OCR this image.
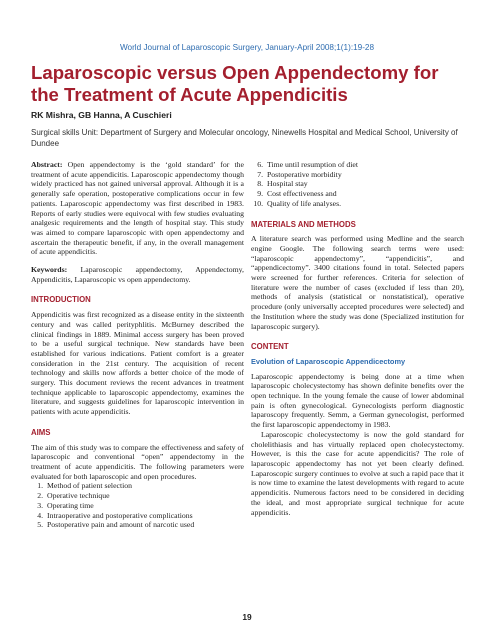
World Journal of Laparoscopic Surgery, January-April 2008;1(1):19-28
Laparoscopic versus Open Appendectomy for the Treatment of Acute Appendicitis
RK Mishra, GB Hanna, A Cuschieri
Surgical skills Unit: Department of Surgery and Molecular oncology, Ninewells Hospital and Medical School, University of Dundee

Abstract: Open appendectomy is the ‘gold standard’ for the treatment of acute appendicitis. Laparoscopic appendectomy though widely practiced has not gained universal approval. Although it is a generally safe operation, postoperative complications occur in few patients. Laparoscopic appendectomy was first described in 1983. Reports of early studies were equivocal with few studies evaluating analgesic requirements and the length of hospital stay. This study was aimed to compare laparoscopic with open appendectomy and ascertain the therapeutic benefit, if any, in the overall management of acute appendicitis.

Keywords: Laparoscopic appendectomy, Appendectomy, Appendicitis, Laparoscopic vs open appendectomy.

INTRODUCTION

Appendicitis was first recognized as a disease entity in the sixteenth century and was called perityphlitis. McBurney described the clinical findings in 1889. Minimal access surgery has been proved to be a useful surgical technique. New standards have been established for various indications. Patient comfort is a greater consideration in the 21st century. The acquisition of recent technology and skills now affords a better choice of the mode of surgery. This document reviews the recent advances in treatment technique applicable to laparoscopic appendectomy, examines the literature, and suggests guidelines for laparoscopic intervention in patients with acute appendicitis.

AIMS

The aim of this study was to compare the effectiveness and safety of laparoscopic and conventional “open” appendectomy in the treatment of acute appendicitis. The following parameters were evaluated for both laparoscopic and open procedures.

1. Method of patient selection
2. Operative technique
3. Operating time
4. Intraoperative and postoperative complications
5. Postoperative pain and amount of narcotic used
6. Time until resumption of diet
7. Postoperative morbidity
8. Hospital stay
9. Cost effectiveness and
10. Quality of life analyses.
MATERIALS AND METHODS

A literature search was performed using Medline and the search engine Google. The following search terms were used: “laparoscopic appendectomy”, “appendicitis”, and “appendicectomy”. 3400 citations found in total. Selected papers were screened for further references. Criteria for selection of literature were the number of cases (excluded if less than 20), methods of analysis (statistical or nonstatistical), operative procedure (only universally accepted procedures were selected) and the Institution where the study was done (Specialized institution for laparoscopic surgery).

CONTENT
Evolution of Laparoscopic Appendicectomy

Laparoscopic appendectomy is being done at a time when laparoscopic cholecystectomy has shown definite benefits over the open technique. In the young female the cause of lower abdominal pain is often gynecological. Gynecologists perform diagnostic laparoscopy frequently. Semm, a German gynecologist, performed the first laparoscopic appendectomy in 1983.

Laparoscopic cholecystectomy is now the gold standard for cholelithiasis and has virtually replaced open cholecystectomy. However, is this the case for acute appendicitis? The role of laparoscopic appendectomy has not yet been clearly defined. Laparoscopic surgery continues to evolve at such a rapid pace that it is now time to examine the latest developments with regard to acute appendicitis. Numerous factors need to be considered in deciding the ideal, and most appropriate surgical technique for acute appendicitis.

19
